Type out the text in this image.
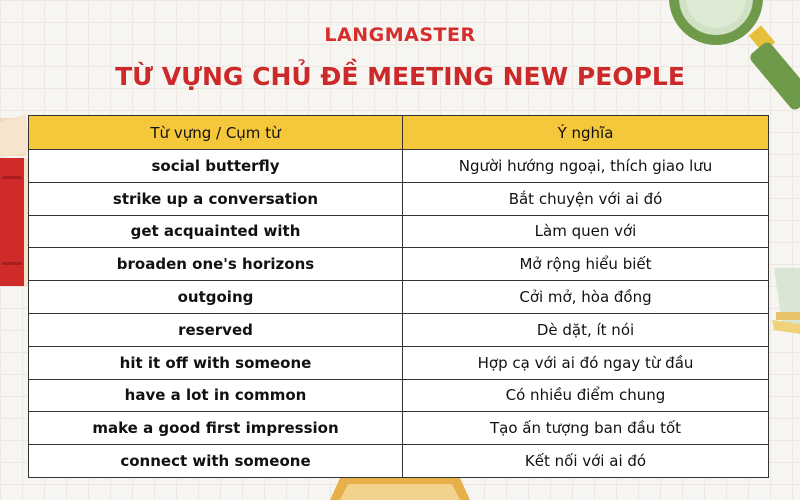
LANGMASTER
TỪ VỰNG CHỦ ĐỀ MEETING NEW PEOPLE
Từ vựng / Cụm từ	Ý nghĩa
social butterfly	Người hướng ngoại, thích giao lưu
strike up a conversation	Bắt chuyện với ai đó
get acquainted with	Làm quen với
broaden one's horizons	Mở rộng hiểu biết
outgoing	Cởi mở, hòa đồng
reserved	Dè dặt, ít nói
hit it off with someone	Hợp cạ với ai đó ngay từ đầu
have a lot in common	Có nhiều điểm chung
make a good first impression	Tạo ấn tượng ban đầu tốt
connect with someone	Kết nối với ai đó
